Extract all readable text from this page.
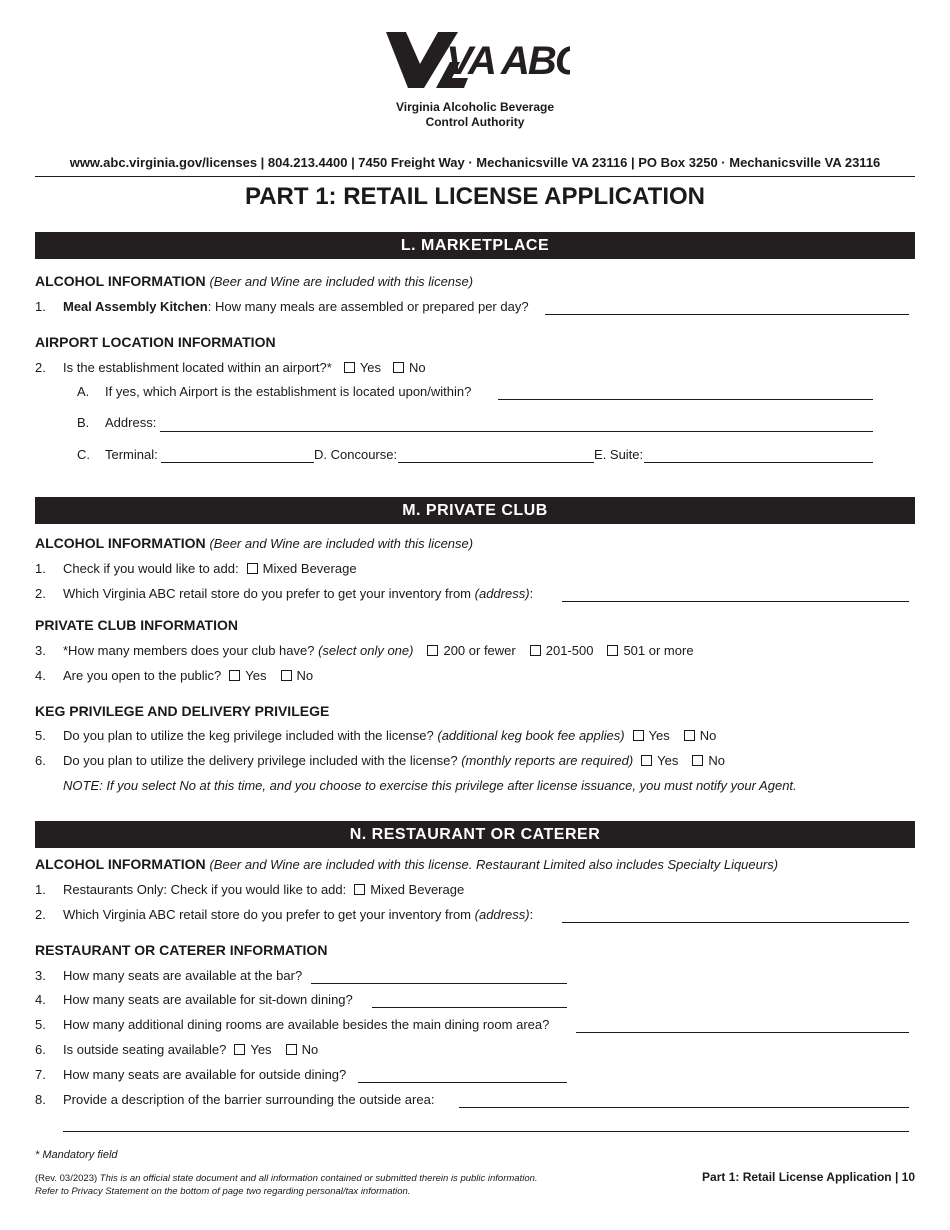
VA ABC
Virginia Alcoholic Beverage
Control Authority
www.abc.virginia.gov/licenses | 804.213.4400 | 7450 Freight Way · Mechanicsville VA 23116 | PO Box 3250 · Mechanicsville VA 23116
PART 1: RETAIL LICENSE APPLICATION
L. MARKETPLACE
ALCOHOL INFORMATION (Beer and Wine are included with this license)
1. Meal Assembly Kitchen: How many meals are assembled or prepared per day?
AIRPORT LOCATION INFORMATION
2. Is the establishment located within an airport?* Yes No
A. If yes, which Airport is the establishment is located upon/within?
B. Address:
C. Terminal:	D. Concourse:	E. Suite:
M. PRIVATE CLUB
ALCOHOL INFORMATION (Beer and Wine are included with this license)
1. Check if you would like to add: Mixed Beverage
2. Which Virginia ABC retail store do you prefer to get your inventory from (address):
PRIVATE CLUB INFORMATION
3. *How many members does your club have? (select only one) 200 or fewer 201-500 501 or more
4. Are you open to the public? Yes No
KEG PRIVILEGE AND DELIVERY PRIVILEGE
5. Do you plan to utilize the keg privilege included with the license? (additional keg book fee applies) Yes No
6. Do you plan to utilize the delivery privilege included with the license? (monthly reports are required) Yes No
NOTE: If you select No at this time, and you choose to exercise this privilege after license issuance, you must notify your Agent.
N. RESTAURANT OR CATERER
ALCOHOL INFORMATION (Beer and Wine are included with this license. Restaurant Limited also includes Specialty Liqueurs)
1. Restaurants Only: Check if you would like to add: Mixed Beverage
2. Which Virginia ABC retail store do you prefer to get your inventory from (address):
RESTAURANT OR CATERER INFORMATION
3. How many seats are available at the bar?
4. How many seats are available for sit-down dining?
5. How many additional dining rooms are available besides the main dining room area?
6. Is outside seating available? Yes No
7. How many seats are available for outside dining?
8. Provide a description of the barrier surrounding the outside area:
* Mandatory field
(Rev. 03/2023) This is an official state document and all information contained or submitted therein is public information.
Refer to Privacy Statement on the bottom of page two regarding personal/tax information.
Part 1: Retail License Application | 10
